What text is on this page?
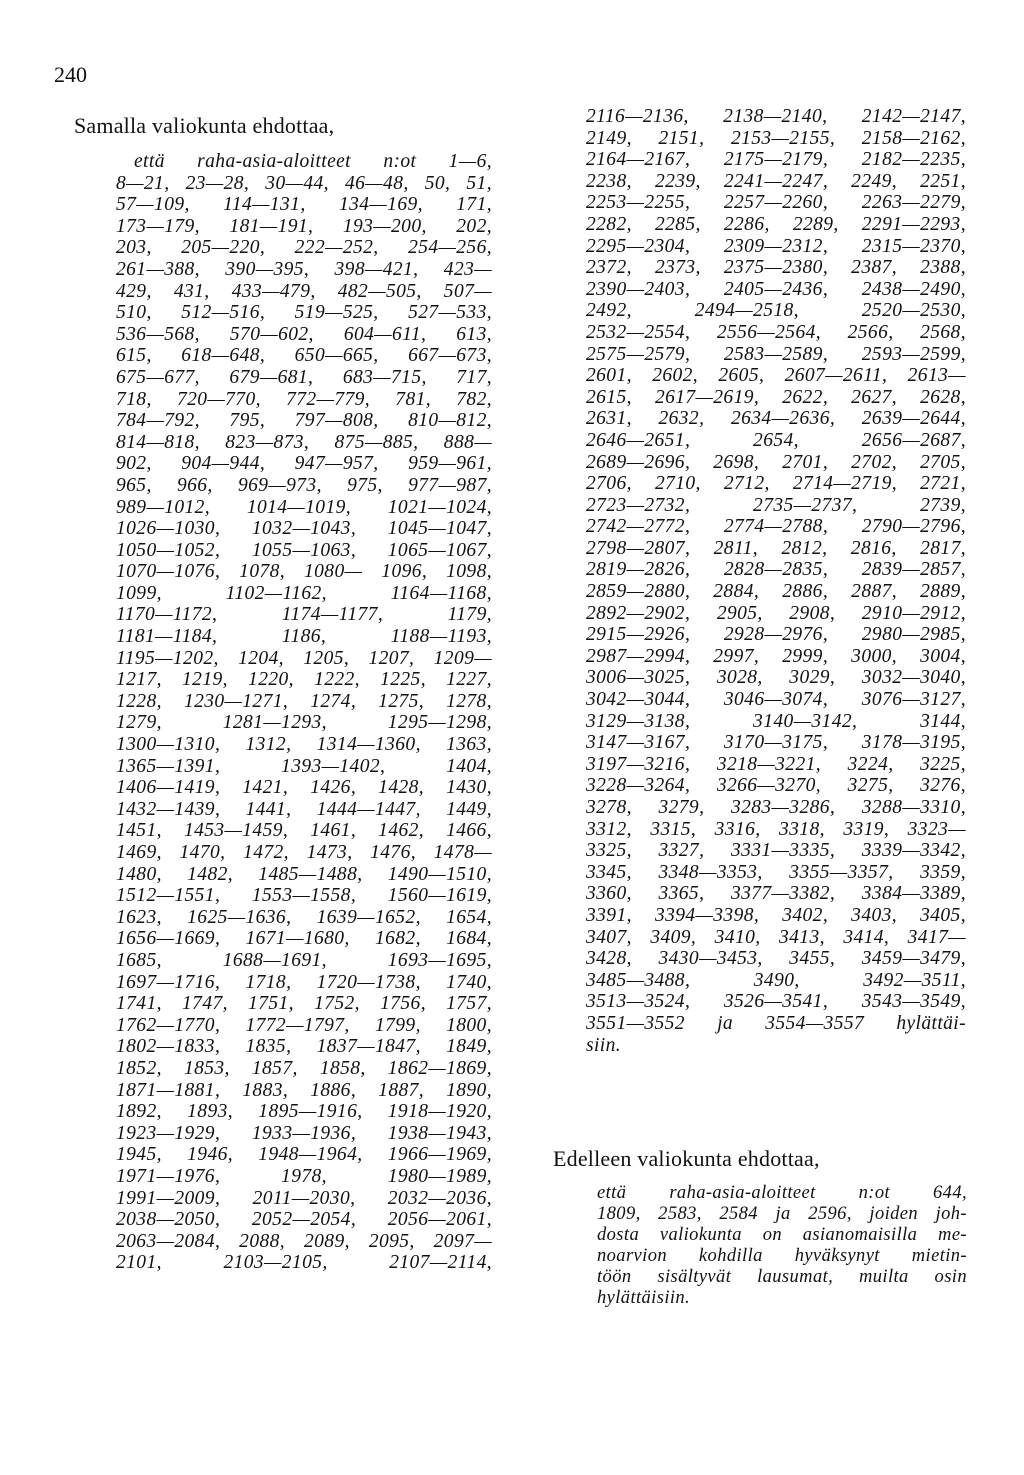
240
Samalla valiokunta ehdottaa,
että raha-asia-aloitteet n:ot 1—6,
8—21, 23—28, 30—44, 46—48, 50, 51,
57—109, 114—131, 134—169, 171,
173—179, 181—191, 193—200, 202,
203, 205—220, 222—252, 254—256,
261—388, 390—395, 398—421, 423—
429, 431, 433—479, 482—505, 507—
510, 512—516, 519—525, 527—533,
536—568, 570—602, 604—611, 613,
615, 618—648, 650—665, 667—673,
675—677, 679—681, 683—715, 717,
718, 720—770, 772—779, 781, 782,
784—792, 795, 797—808, 810—812,
814—818, 823—873, 875—885, 888—
902, 904—944, 947—957, 959—961,
965, 966, 969—973, 975, 977—987,
989—1012, 1014—1019, 1021—1024,
1026—1030, 1032—1043, 1045—1047,
1050—1052, 1055—1063, 1065—1067,
1070—1076, 1078, 1080— 1096, 1098,
1099, 1102—1162, 1164—1168,
1170—1172, 1174—1177, 1179,
1181—1184, 1186, 1188—1193,
1195—1202, 1204, 1205, 1207, 1209—
1217, 1219, 1220, 1222, 1225, 1227,
1228, 1230—1271, 1274, 1275, 1278,
1279, 1281—1293, 1295—1298,
1300—1310, 1312, 1314—1360, 1363,
1365—1391, 1393—1402, 1404,
1406—1419, 1421, 1426, 1428, 1430,
1432—1439, 1441, 1444—1447, 1449,
1451, 1453—1459, 1461, 1462, 1466,
1469, 1470, 1472, 1473, 1476, 1478—
1480, 1482, 1485—1488, 1490—1510,
1512—1551, 1553—1558, 1560—1619,
1623, 1625—1636, 1639—1652, 1654,
1656—1669, 1671—1680, 1682, 1684,
1685, 1688—1691, 1693—1695,
1697—1716, 1718, 1720—1738, 1740,
1741, 1747, 1751, 1752, 1756, 1757,
1762—1770, 1772—1797, 1799, 1800,
1802—1833, 1835, 1837—1847, 1849,
1852, 1853, 1857, 1858, 1862—1869,
1871—1881, 1883, 1886, 1887, 1890,
1892, 1893, 1895—1916, 1918—1920,
1923—1929, 1933—1936, 1938—1943,
1945, 1946, 1948—1964, 1966—1969,
1971—1976, 1978, 1980—1989,
1991—2009, 2011—2030, 2032—2036,
2038—2050, 2052—2054, 2056—2061,
2063—2084, 2088, 2089, 2095, 2097—
2101, 2103—2105, 2107—2114,
2116—2136, 2138—2140, 2142—2147,
2149, 2151, 2153—2155, 2158—2162,
2164—2167, 2175—2179, 2182—2235,
2238, 2239, 2241—2247, 2249, 2251,
2253—2255, 2257—2260, 2263—2279,
2282, 2285, 2286, 2289, 2291—2293,
2295—2304, 2309—2312, 2315—2370,
2372, 2373, 2375—2380, 2387, 2388,
2390—2403, 2405—2436, 2438—2490,
2492, 2494—2518, 2520—2530,
2532—2554, 2556—2564, 2566, 2568,
2575—2579, 2583—2589, 2593—2599,
2601, 2602, 2605, 2607—2611, 2613—
2615, 2617—2619, 2622, 2627, 2628,
2631, 2632, 2634—2636, 2639—2644,
2646—2651, 2654, 2656—2687,
2689—2696, 2698, 2701, 2702, 2705,
2706, 2710, 2712, 2714—2719, 2721,
2723—2732, 2735—2737, 2739,
2742—2772, 2774—2788, 2790—2796,
2798—2807, 2811, 2812, 2816, 2817,
2819—2826, 2828—2835, 2839—2857,
2859—2880, 2884, 2886, 2887, 2889,
2892—2902, 2905, 2908, 2910—2912,
2915—2926, 2928—2976, 2980—2985,
2987—2994, 2997, 2999, 3000, 3004,
3006—3025, 3028, 3029, 3032—3040,
3042—3044, 3046—3074, 3076—3127,
3129—3138, 3140—3142, 3144,
3147—3167, 3170—3175, 3178—3195,
3197—3216, 3218—3221, 3224, 3225,
3228—3264, 3266—3270, 3275, 3276,
3278, 3279, 3283—3286, 3288—3310,
3312, 3315, 3316, 3318, 3319, 3323—
3325, 3327, 3331—3335, 3339—3342,
3345, 3348—3353, 3355—3357, 3359,
3360, 3365, 3377—3382, 3384—3389,
3391, 3394—3398, 3402, 3403, 3405,
3407, 3409, 3410, 3413, 3414, 3417—
3428, 3430—3453, 3455, 3459—3479,
3485—3488, 3490, 3492—3511,
3513—3524, 3526—3541, 3543—3549,
3551—3552 ja 3554—3557 hylättäi-
siin.
Edelleen valiokunta ehdottaa,
että raha-asia-aloitteet n:ot 644,
1809, 2583, 2584 ja 2596, joiden joh-
dosta valiokunta on asianomaisilla me-
noarvion kohdilla hyväksynyt mietin-
töön sisältyvät lausumat, muilta osin
hylättäisiin.
